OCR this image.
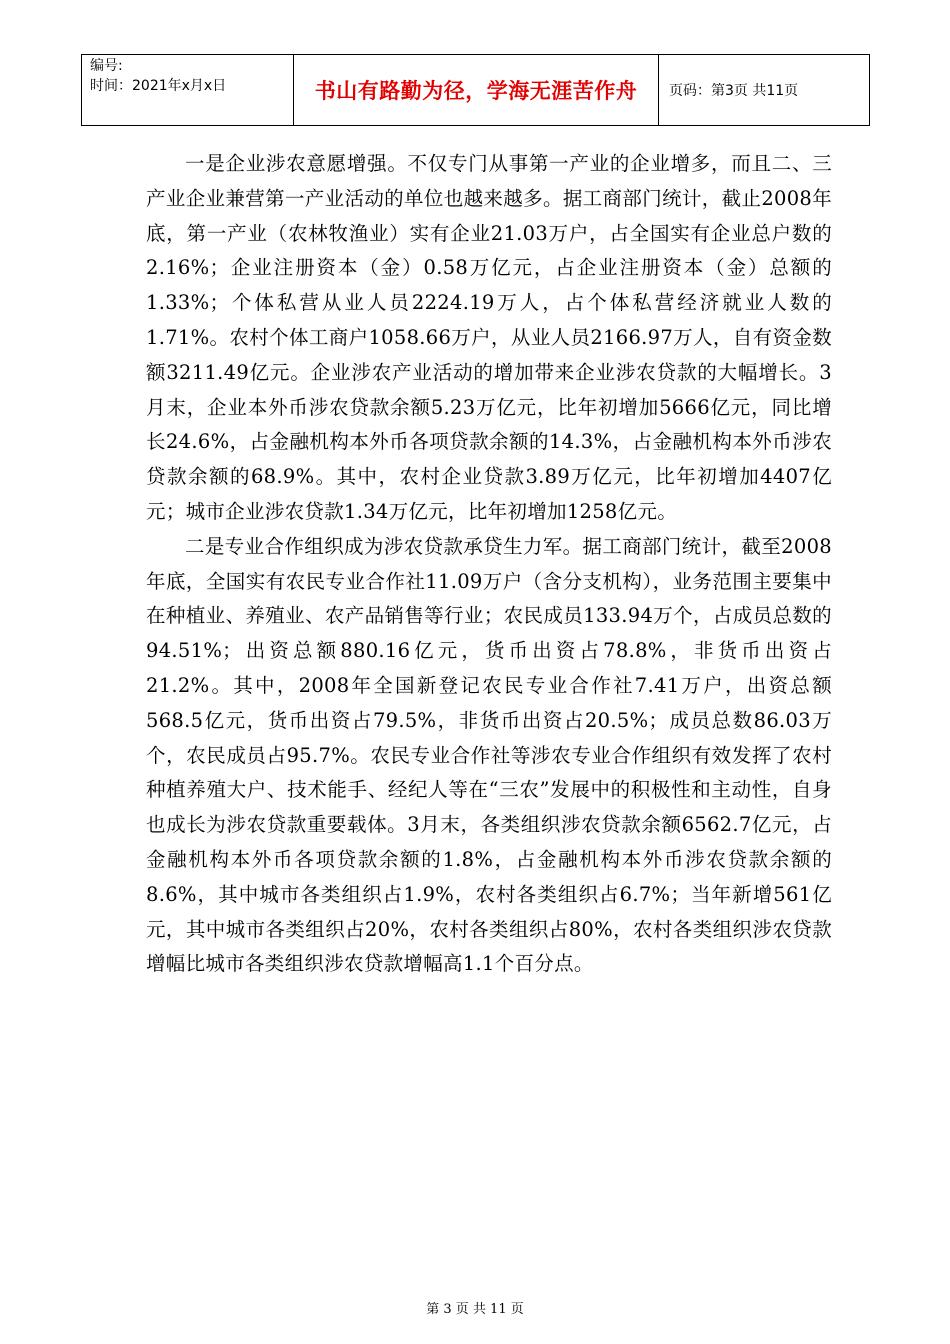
编号:
时间：2021年x月x日	书山有路勤为径，学海无涯苦作舟	页码：第3页 共11页

一是企业涉农意愿增强。不仅专门从事第一产业的企业增多，而且二、三产业企业兼营第一产业活动的单位也越来越多。据工商部门统计，截止2008年底，第一产业（农林牧渔业）实有企业21.03万户，占全国实有企业总户数的2.16%；企业注册资本（金）0.58万亿元，占企业注册资本（金）总额的1.33%；个体私营从业人员2224.19万人，占个体私营经济就业人数的1.71%。农村个体工商户1058.66万户，从业人员2166.97万人，自有资金数额3211.49亿元。企业涉农产业活动的增加带来企业涉农贷款的大幅增长。3月末，企业本外币涉农贷款余额5.23万亿元，比年初增加5666亿元，同比增长24.6%，占金融机构本外币各项贷款余额的14.3%，占金融机构本外币涉农贷款余额的68.9%。其中，农村企业贷款3.89万亿元，比年初增加4407亿元；城市企业涉农贷款1.34万亿元，比年初增加1258亿元。

二是专业合作组织成为涉农贷款承贷生力军。据工商部门统计，截至2008年底，全国实有农民专业合作社11.09万户（含分支机构），业务范围主要集中在种植业、养殖业、农产品销售等行业；农民成员133.94万个，占成员总数的94.51%；出资总额880.16亿元，货币出资占78.8%，非货币出资占21.2%。其中，2008年全国新登记农民专业合作社7.41万户，出资总额568.5亿元，货币出资占79.5%，非货币出资占20.5%；成员总数86.03万个，农民成员占95.7%。农民专业合作社等涉农专业合作组织有效发挥了农村种植养殖大户、技术能手、经纪人等在“三农”发展中的积极性和主动性，自身也成长为涉农贷款重要载体。3月末，各类组织涉农贷款余额6562.7亿元，占金融机构本外币各项贷款余额的1.8%，占金融机构本外币涉农贷款余额的8.6%，其中城市各类组织占1.9%，农村各类组织占6.7%；当年新增561亿元，其中城市各类组织占20%，农村各类组织占80%，农村各类组织涉农贷款增幅比城市各类组织涉农贷款增幅高1.1个百分点。

第 3 页 共 11 页
